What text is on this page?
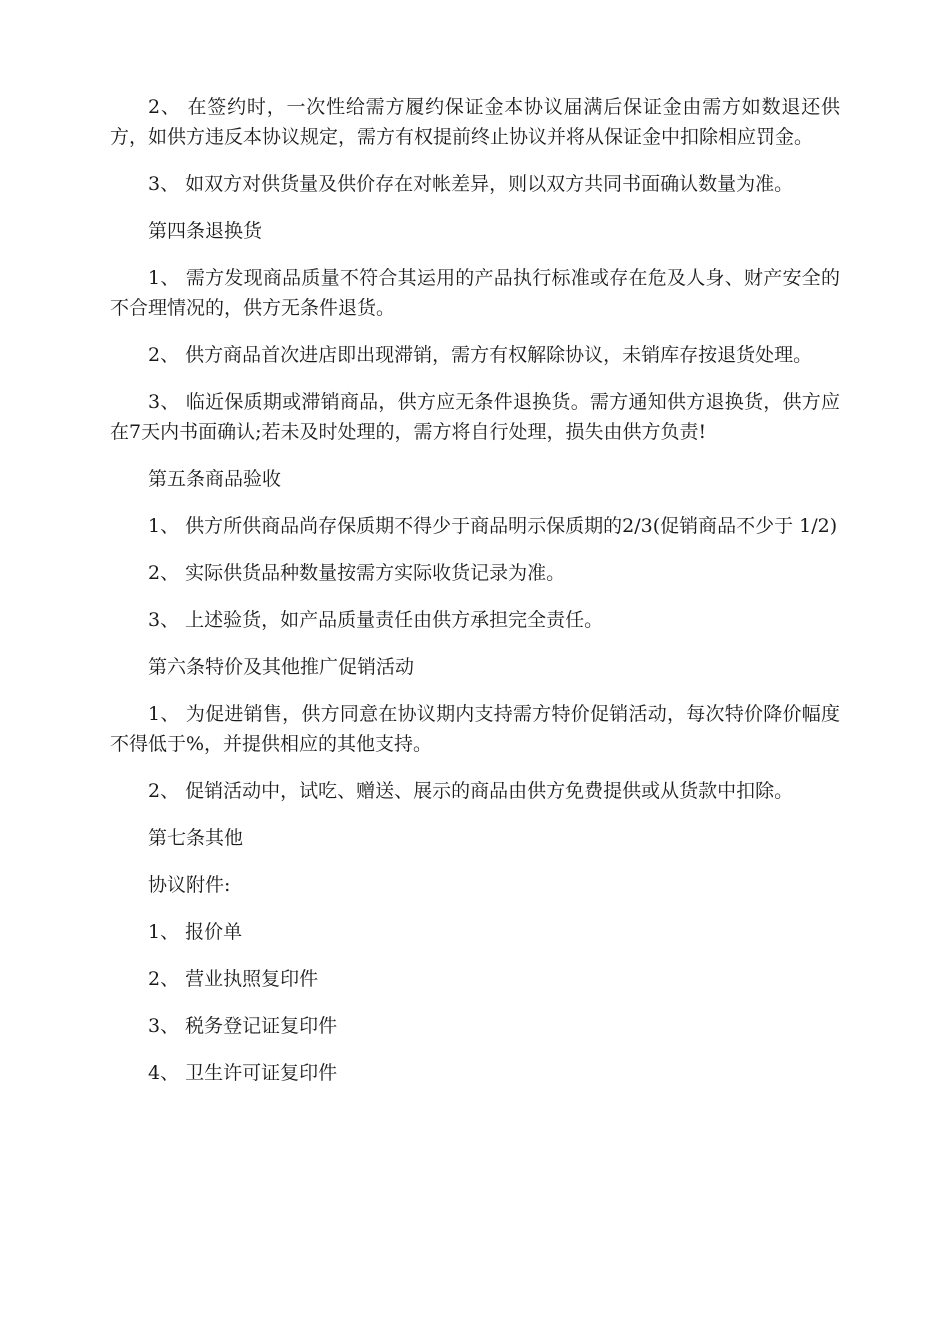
2、 在签约时，一次性给需方履约保证金本协议届满后保证金由需方如数退还供方，如供方违反本协议规定，需方有权提前终止协议并将从保证金中扣除相应罚金。

3、 如双方对供货量及供价存在对帐差异，则以双方共同书面确认数量为准。

第四条退换货

1、 需方发现商品质量不符合其运用的产品执行标准或存在危及人身、财产安全的不合理情况的，供方无条件退货。

2、 供方商品首次进店即出现滞销，需方有权解除协议，未销库存按退货处理。

3、 临近保质期或滞销商品，供方应无条件退换货。需方通知供方退换货，供方应在7天内书面确认;若未及时处理的，需方将自行处理，损失由供方负责!

第五条商品验收

1、 供方所供商品尚存保质期不得少于商品明示保质期的2/3(促销商品不少于 1/2)

2、 实际供货品种数量按需方实际收货记录为准。

3、 上述验货，如产品质量责任由供方承担完全责任。

第六条特价及其他推广促销活动

1、 为促进销售，供方同意在协议期内支持需方特价促销活动，每次特价降价幅度不得低于%，并提供相应的其他支持。

2、 促销活动中，试吃、赠送、展示的商品由供方免费提供或从货款中扣除。

第七条其他

协议附件:

1、 报价单

2、 营业执照复印件

3、 税务登记证复印件

4、 卫生许可证复印件
